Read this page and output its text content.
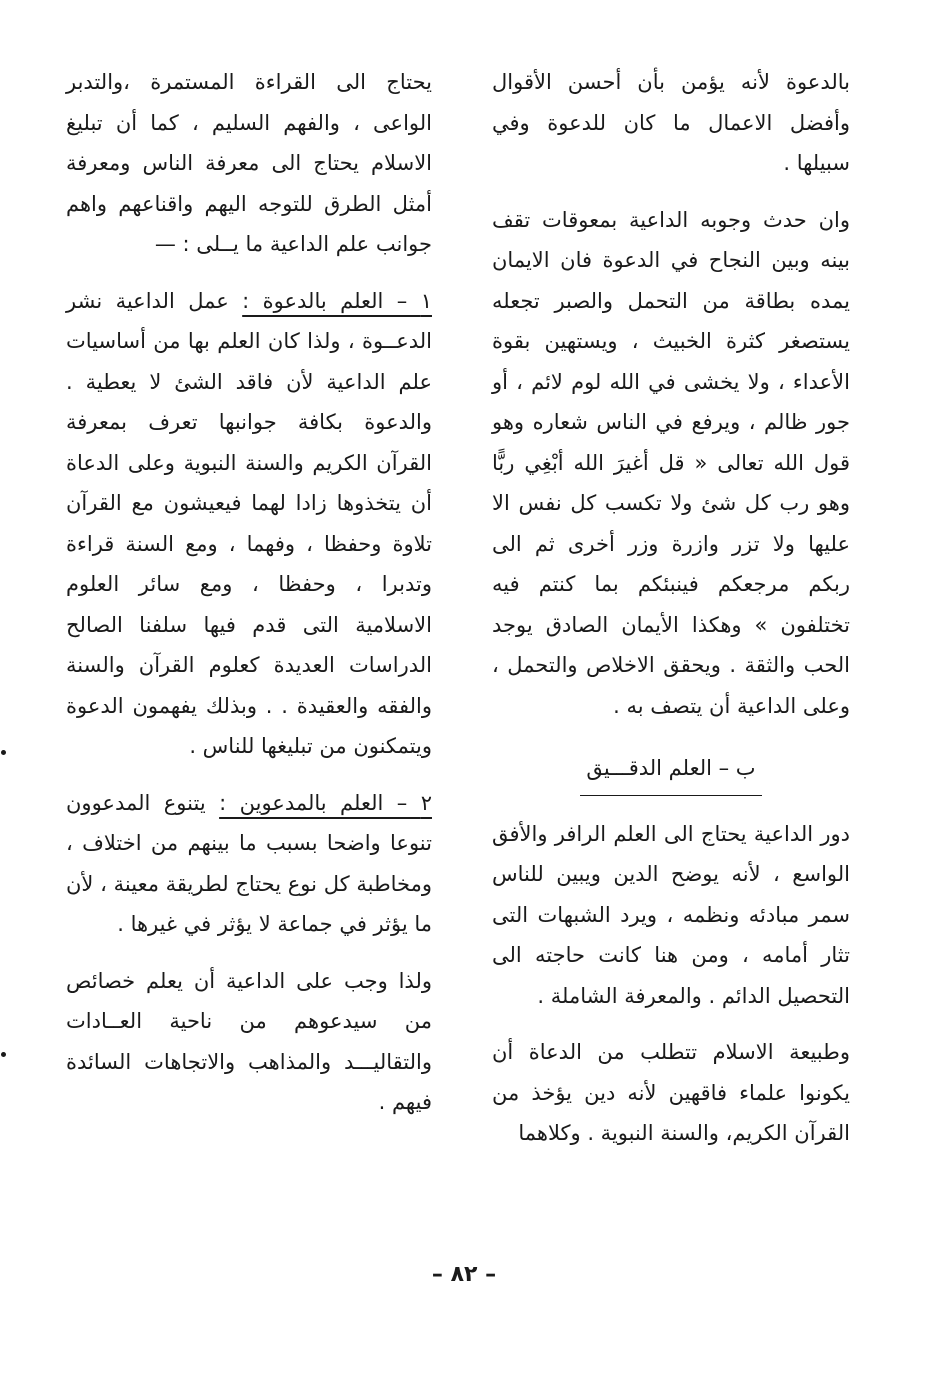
بالدعوة لأنه يؤمن بأن أحسن الأقوال وأفضل الاعمال ما كان للدعوة وفي سبيلها .

وان حدث وجوبه الداعية بمعوقات تقف بينه وبين النجاح في الدعوة فان الايمان يمده بطاقة من التحمل والصبر تجعله يستصغر كثرة الخبيث ، ويستهين بقوة الأعداء ، ولا يخشى في الله لوم لائم ، أو جور ظالم ، ويرفع في الناس شعاره وهو قول الله تعالى « قل أغيرَ الله أبْغِي ربًّا وهو رب كل شئ ولا تكسب كل نفس الا عليها ولا تزر وازرة وزر أخرى ثم الى ربكم مرجعكم فينبئكم بما كنتم فيه تختلفون » وهكذا الأيمان الصادق يوجد الحب والثقة . ويحقق الاخلاص والتحمل ، وعلى الداعية أن يتصف به .

ب – العلم الدقـــيق

دور الداعية يحتاج الى العلم الرافر والأفق الواسع ، لأنه يوضح الدين ويبين للناس سمر مبادئه ونظمه ، ويرد الشبهات التى تثار أمامه ، ومن هنا كانت حاجته الى التحصيل الدائم . والمعرفة الشاملة .

وطبيعة الاسلام تتطلب من الدعاة أن يكونوا علماء فاقهين لأنه دين يؤخذ من القرآن الكريم، والسنة النبوية . وكلاهما

يحتاج الى القراءة المستمرة ،والتدبر الواعى ، والفهم السليم ، كما أن تبليغ الاسلام يحتاج الى معرفة الناس ومعرفة أمثل الطرق للتوجه اليهم واقناعهم واهم جوانب علم الداعية ما يــلى : —

١ – العلم بالدعوة : عمل الداعية نشر الدعــوة ، ولذا كان العلم بها من أساسيات علم الداعية لأن فاقد الشئ لا يعطية . والدعوة بكافة جوانبها تعرف بمعرفة القرآن الكريم والسنة النبوية وعلى الدعاة أن يتخذوها زادا لهما فيعيشون مع القرآن تلاوة وحفظا ، وفهما ، ومع السنة قراءة وتدبرا ، وحفظا ، ومع سائر العلوم الاسلامية التى قدم فيها سلفنا الصالح الدراسات العديدة كعلوم القرآن والسنة والفقه والعقيدة . . وبذلك يفهمون الدعوة ويتمكنون من تبليغها للناس .

٢ – العلم بالمدعوين : يتنوع المدعوون تنوعا واضحا بسبب ما بينهم من اختلاف ، ومخاطبة كل نوع يحتاج لطريقة معينة ، لأن ما يؤثر في جماعة لا يؤثر في غيرها .

ولذا وجب على الداعية أن يعلم خصائص من سيدعوهم من ناحية العــادات والتقاليـــد والمذاهب والاتجاهات السائدة فيهم .

– ٨٢ –
